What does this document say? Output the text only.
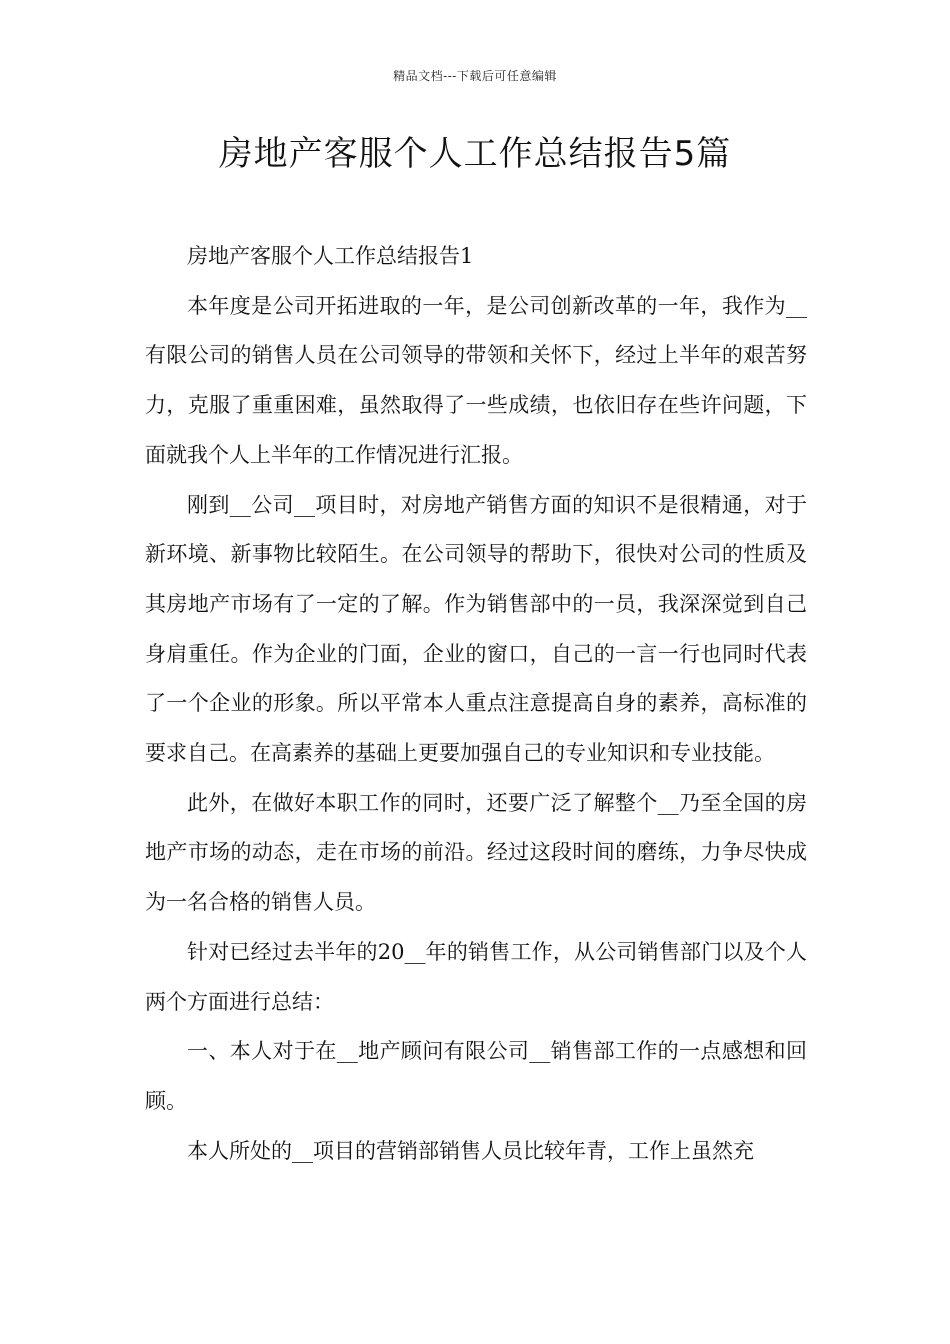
精品文档---下载后可任意编辑
房地产客服个人工作总结报告5篇

房地产客服个人工作总结报告1

本年度是公司开拓进取的一年，是公司创新改革的一年，我作为__有限公司的销售人员在公司领导的带领和关怀下，经过上半年的艰苦努力，克服了重重困难，虽然取得了一些成绩，也依旧存在些许问题，下面就我个人上半年的工作情况进行汇报。

刚到__公司__项目时，对房地产销售方面的知识不是很精通，对于新环境、新事物比较陌生。在公司领导的帮助下，很快对公司的性质及其房地产市场有了一定的了解。作为销售部中的一员，我深深觉到自己身肩重任。作为企业的门面，企业的窗口，自己的一言一行也同时代表了一个企业的形象。所以平常本人重点注意提高自身的素养，高标准的要求自己。在高素养的基础上更要加强自己的专业知识和专业技能。

此外，在做好本职工作的同时，还要广泛了解整个__乃至全国的房地产市场的动态，走在市场的前沿。经过这段时间的磨练，力争尽快成为一名合格的销售人员。

针对已经过去半年的20__年的销售工作，从公司销售部门以及个人两个方面进行总结：

一、本人对于在__地产顾问有限公司__销售部工作的一点感想和回顾。

本人所处的__项目的营销部销售人员比较年青，工作上虽然充
